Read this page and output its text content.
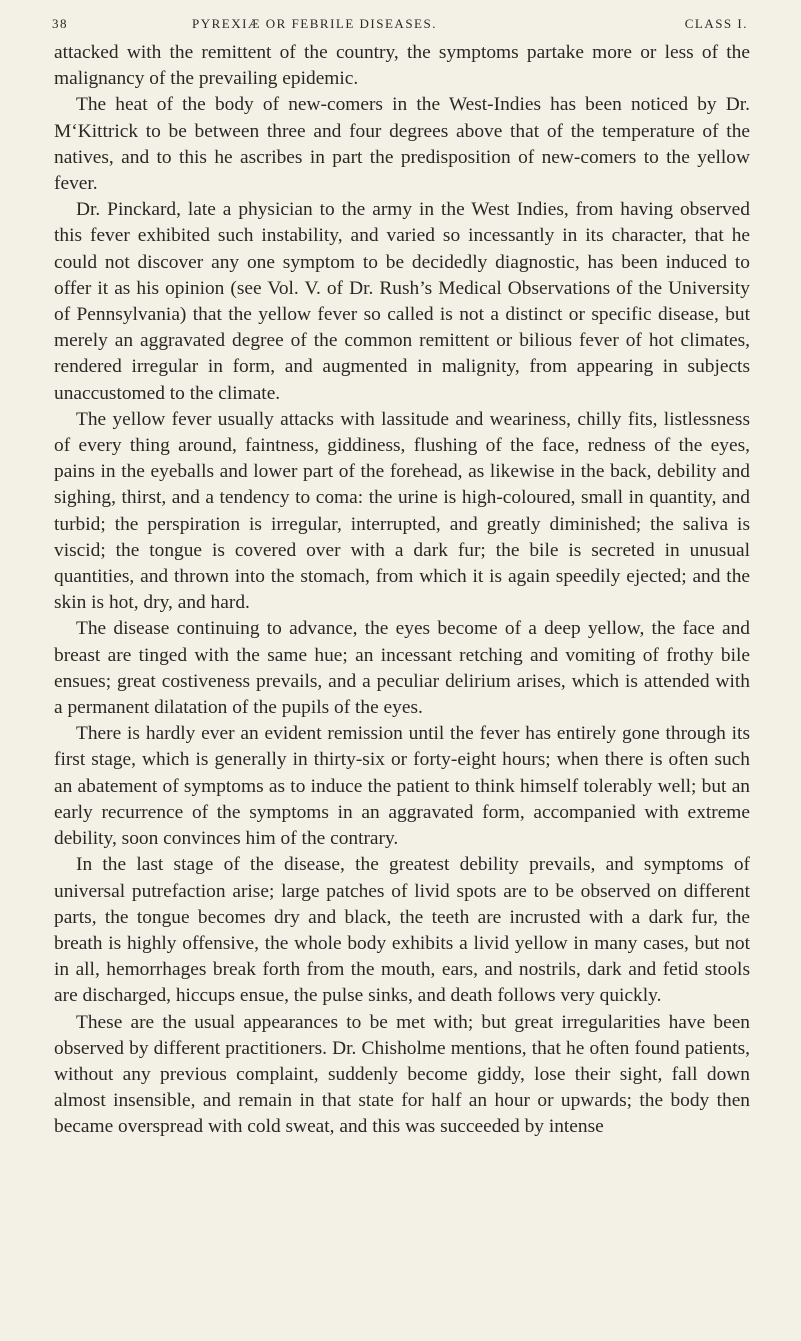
38	PYREXIÆ OR FEBRILE DISEASES.	CLASS I.

attacked with the remittent of the country, the symptoms partake more or less of the malignancy of the prevailing epidemic.

The heat of the body of new-comers in the West-Indies has been noticed by Dr. M‘Kittrick to be between three and four degrees above that of the temperature of the natives, and to this he ascribes in part the predisposition of new-comers to the yellow fever.

Dr. Pinckard, late a physician to the army in the West Indies, from having observed this fever exhibited such instability, and varied so incessantly in its character, that he could not discover any one symptom to be decidedly diagnostic, has been induced to offer it as his opinion (see Vol. V. of Dr. Rush’s Medical Observations of the University of Pennsylvania) that the yellow fever so called is not a distinct or specific disease, but merely an aggravated degree of the common remittent or bilious fever of hot climates, rendered irregular in form, and augmented in malignity, from appearing in subjects unaccustomed to the climate.

The yellow fever usually attacks with lassitude and weariness, chilly fits, listlessness of every thing around, faintness, giddiness, flushing of the face, redness of the eyes, pains in the eyeballs and lower part of the forehead, as likewise in the back, debility and sighing, thirst, and a tendency to coma: the urine is high-coloured, small in quantity, and turbid; the perspiration is irregular, interrupted, and greatly diminished; the saliva is viscid; the tongue is covered over with a dark fur; the bile is secreted in unusual quantities, and thrown into the stomach, from which it is again speedily ejected; and the skin is hot, dry, and hard.

The disease continuing to advance, the eyes become of a deep yellow, the face and breast are tinged with the same hue; an incessant retching and vomiting of frothy bile ensues; great costiveness prevails, and a peculiar delirium arises, which is attended with a permanent dilatation of the pupils of the eyes.

There is hardly ever an evident remission until the fever has entirely gone through its first stage, which is generally in thirty-six or forty-eight hours; when there is often such an abatement of symptoms as to induce the patient to think himself tolerably well; but an early recurrence of the symptoms in an aggravated form, accompanied with extreme debility, soon convinces him of the contrary.

In the last stage of the disease, the greatest debility prevails, and symptoms of universal putrefaction arise; large patches of livid spots are to be observed on different parts, the tongue becomes dry and black, the teeth are incrusted with a dark fur, the breath is highly offensive, the whole body exhibits a livid yellow in many cases, but not in all, hemorrhages break forth from the mouth, ears, and nostrils, dark and fetid stools are discharged, hiccups ensue, the pulse sinks, and death follows very quickly.

These are the usual appearances to be met with; but great irregularities have been observed by different practitioners. Dr. Chisholme mentions, that he often found patients, without any previous complaint, suddenly become giddy, lose their sight, fall down almost insensible, and remain in that state for half an hour or upwards; the body then became overspread with cold sweat, and this was succeeded by intense
